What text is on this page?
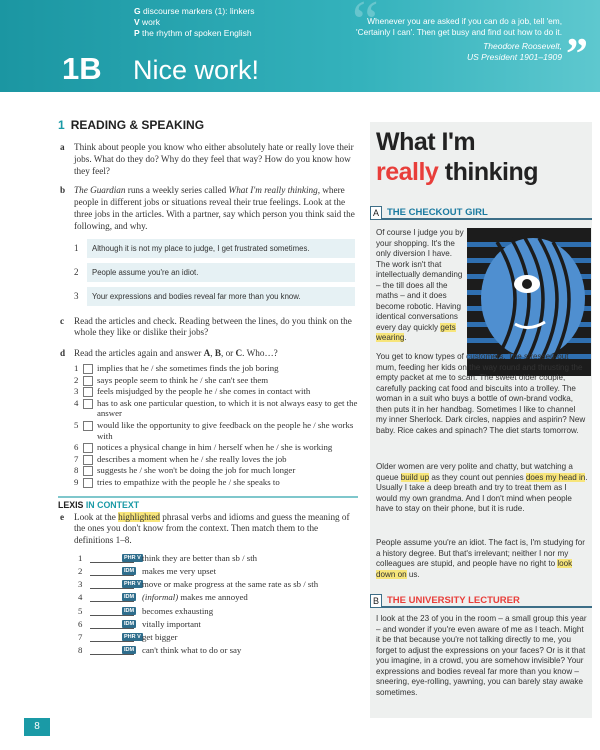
“
G discourse markers (1): linkers
V work
P the rhythm of spoken English
Whenever you are asked if you can do a job, tell 'em,
'Certainly I can'. Then get busy and find out how to do it.
Theodore Roosevelt,
US President 1901–1909 ”
1B Nice work!
1 READING & SPEAKING
a Think about people you know who either absolutely hate or really love their jobs. What do they do? Why do they feel that way? How do you know how they feel?
b The Guardian runs a weekly series called What I'm really thinking, where people in different jobs or situations reveal their true feelings. Look at the three jobs in the articles. With a partner, say which person you think said the following, and why.
1	Although it is not my place to judge, I get frustrated sometimes.
2	People assume you're an idiot.
3	Your expressions and bodies reveal far more than you know.
c Read the articles and check. Reading between the lines, do you think on the whole they like or dislike their jobs?
d Read the articles again and answer A, B, or C. Who…?
1 implies that he / she sometimes finds the job boring
2 says people seem to think he / she can't see them
3 feels misjudged by the people he / she comes in contact with
4 has to ask one particular question, to which it is not always easy to get the answer
5 would like the opportunity to give feedback on the people he / she works with
6 notices a physical change in him / herself when he / she is working
7 describes a moment when he / she really loves the job
8 suggests he / she won't be doing the job for much longer
9 tries to empathize with the people he / she speaks to
LEXIS IN CONTEXT
e Look at the highlighted phrasal verbs and idioms and guess the meaning of the ones you don't know from the context. Then match them to the definitions 1–8.
1	PHR V think they are better than sb / sth
2	IDM makes me very upset
3	PHR V move or make progress at the same rate as sb / sth
4	IDM (informal) makes me annoyed
5	IDM becomes exhausting
6	IDM vitally important
7	PHR V get bigger
8	IDM can't think what to do or say
8
What I'm
really thinking
A THE CHECKOUT GIRL
Of course I judge you by your shopping. It's the only diversion I have. The work isn't that intellectually demanding – the till does all the maths – and it does become robotic. Having identical conversations every day quickly gets wearing.
You get to know types of customers. The stressed-out mum, feeding her kids on the way round and thrusting the empty packet at me to scan. The sweet older couple, carefully packing cat food and biscuits into a trolley. The woman in a suit who buys a bottle of own-brand vodka, then puts it in her handbag. Sometimes I like to channel my inner Sherlock. Dark circles, nappies and aspirin? New baby. Rice cakes and spinach? The diet starts tomorrow.
Older women are very polite and chatty, but watching a queue build up as they count out pennies does my head in. Usually I take a deep breath and try to treat them as I would my own grandma. And I don't mind when people have to stay on their phone, but it is rude.
People assume you're an idiot. The fact is, I'm studying for a history degree. But that's irrelevant; neither I nor my colleagues are stupid, and people have no right to look down on us.
B THE UNIVERSITY LECTURER
I look at the 23 of you in the room – a small group this year – and wonder if you're even aware of me as I teach. Might it be that because you're not talking directly to me, you forget to adjust the expressions on your faces? Or is it that you imagine, in a crowd, you are somehow invisible? Your expressions and bodies reveal far more than you know – sneering, eye-rolling, yawning, you can barely stay awake sometimes.
